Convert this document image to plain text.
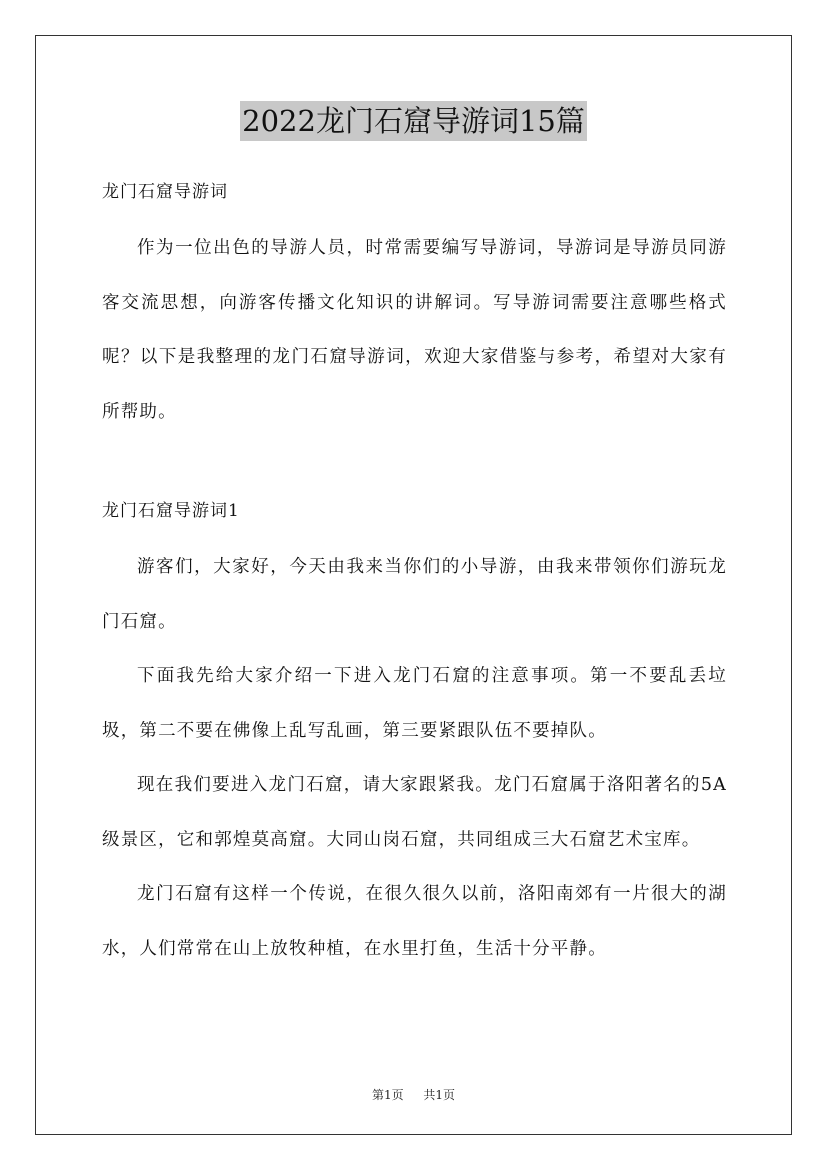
2022龙门石窟导游词15篇

龙门石窟导游词

作为一位出色的导游人员，时常需要编写导游词，导游词是导游员同游客交流思想，向游客传播文化知识的讲解词。写导游词需要注意哪些格式呢？以下是我整理的龙门石窟导游词，欢迎大家借鉴与参考，希望对大家有所帮助。

龙门石窟导游词1

游客们，大家好，今天由我来当你们的小导游，由我来带领你们游玩龙门石窟。

下面我先给大家介绍一下进入龙门石窟的注意事项。第一不要乱丢垃圾，第二不要在佛像上乱写乱画，第三要紧跟队伍不要掉队。

现在我们要进入龙门石窟，请大家跟紧我。龙门石窟属于洛阳著名的5A级景区，它和郭煌莫高窟。大同山岗石窟，共同组成三大石窟艺术宝库。

龙门石窟有这样一个传说，在很久很久以前，洛阳南郊有一片很大的湖水，人们常常在山上放牧种植，在水里打鱼，生活十分平静。

第1页 共1页
